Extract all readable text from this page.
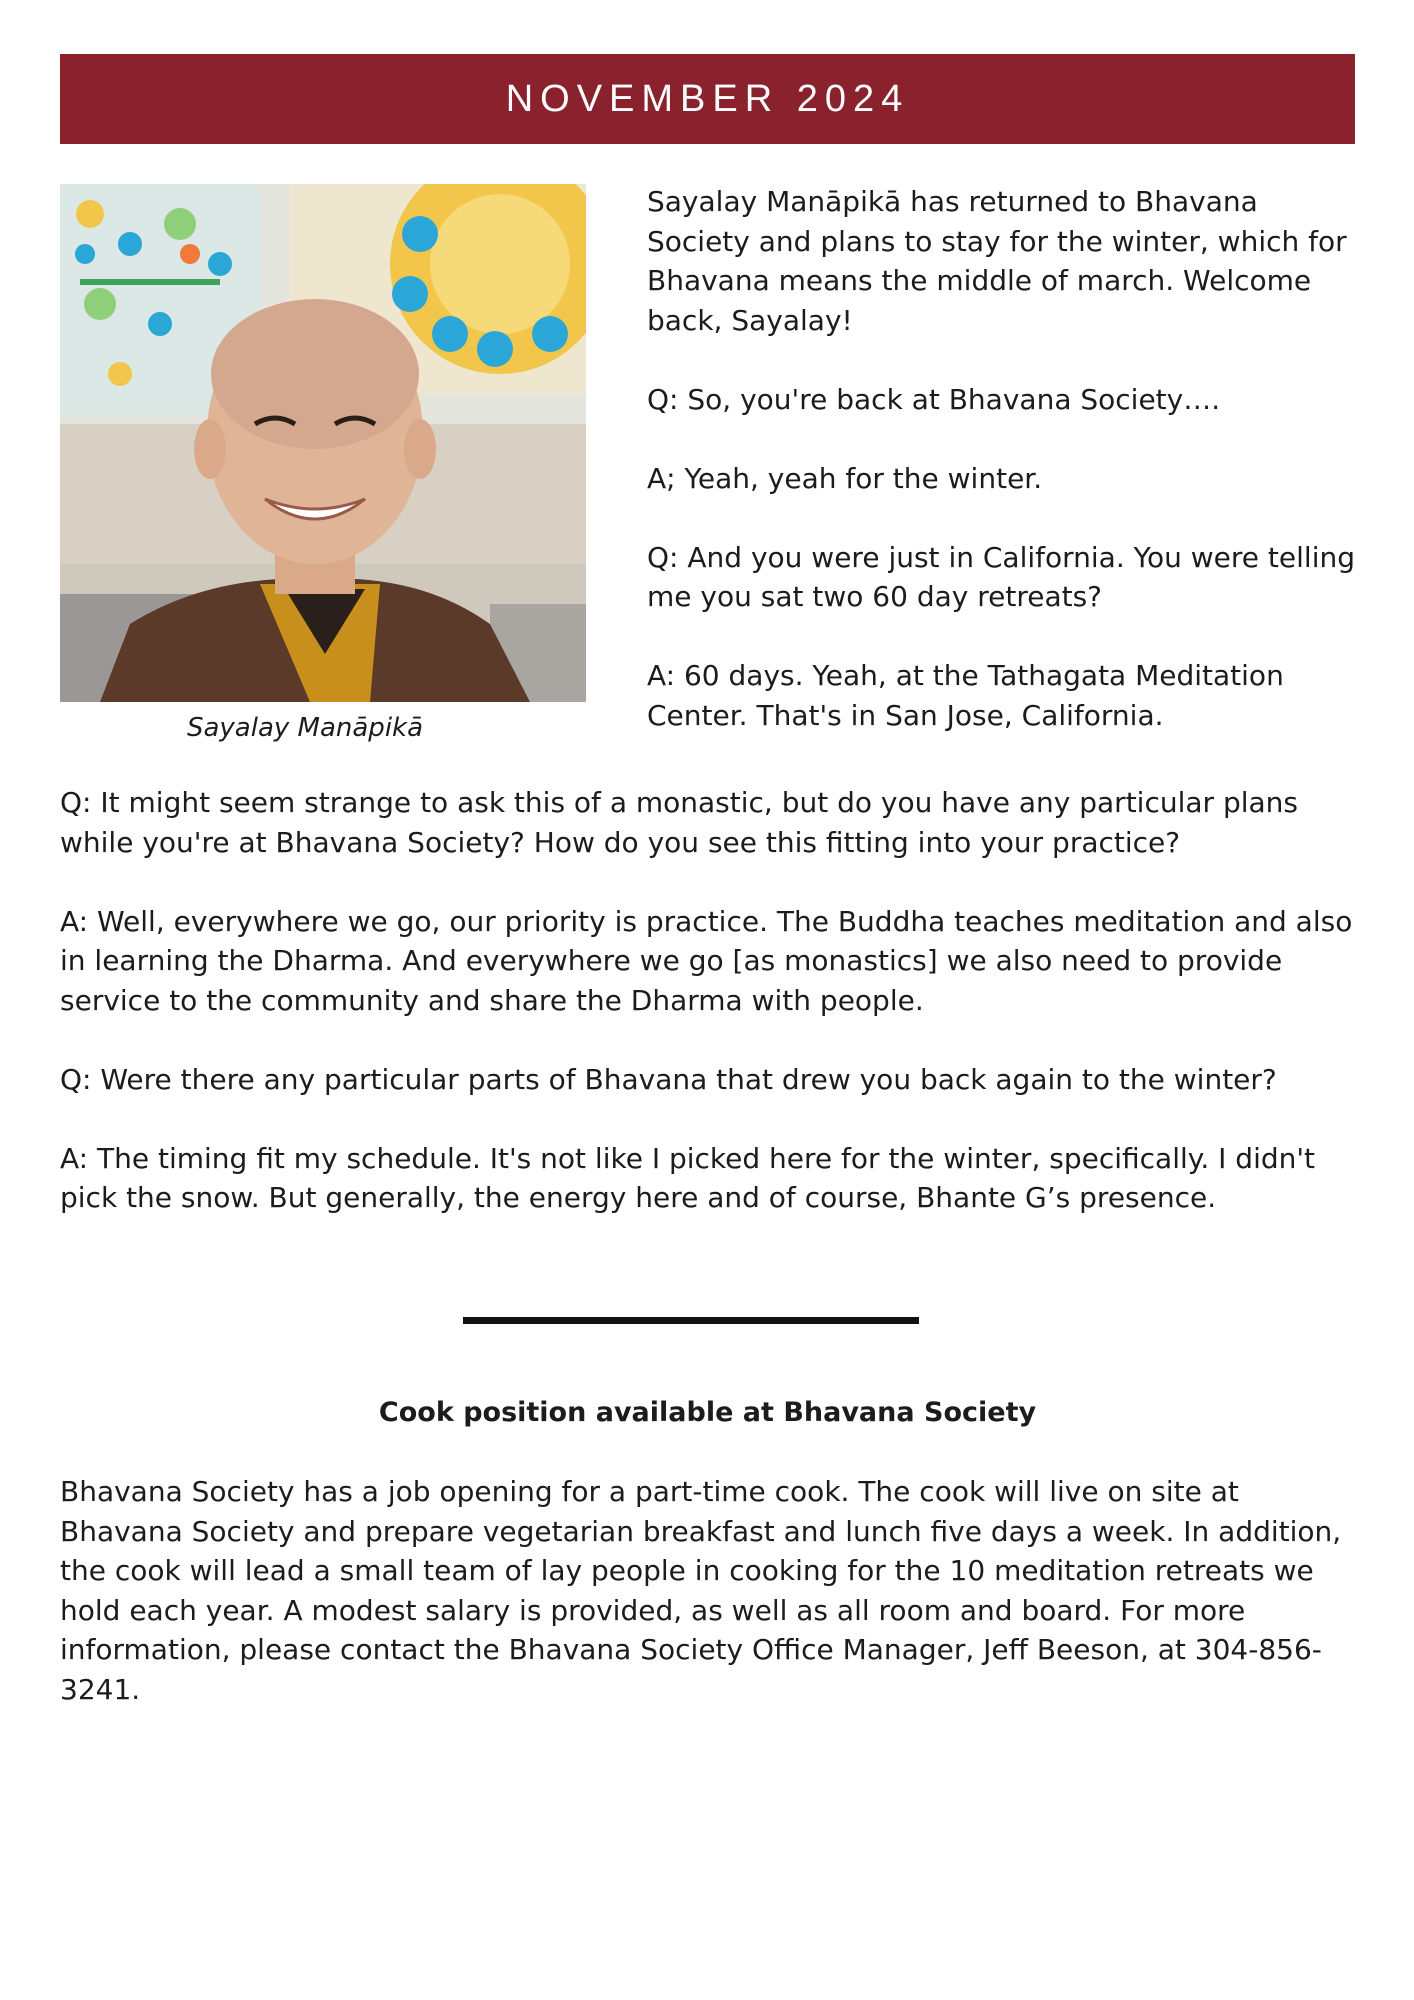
NOVEMBER 2024
Sayalay Manāpikā

Sayalay Manāpikā has returned to Bhavana Society and plans to stay for the winter, which for Bhavana means the middle of march. Welcome back, Sayalay!

Q: So, you're back at Bhavana Society….

A; Yeah, yeah for the winter.

Q: And you were just in California. You were telling me you sat two 60 day retreats?

A: 60 days. Yeah, at the Tathagata Meditation Center. That's in San Jose, California.

Q: It might seem strange to ask this of a monastic, but do you have any particular plans while you're at Bhavana Society? How do you see this fitting into your practice?

A: Well, everywhere we go, our priority is practice. The Buddha teaches meditation and also in learning the Dharma. And everywhere we go [as monastics] we also need to provide service to the community and share the Dharma with people.

Q: Were there any particular parts of Bhavana that drew you back again to the winter?

A: The timing fit my schedule. It's not like I picked here for the winter, specifically. I didn't pick the snow. But generally, the energy here and of course, Bhante G’s presence.

Cook position available at Bhavana Society

Bhavana Society has a job opening for a part-time cook. The cook will live on site at Bhavana Society and prepare vegetarian breakfast and lunch five days a week. In addition, the cook will lead a small team of lay people in cooking for the 10 meditation retreats we hold each year. A modest salary is provided, as well as all room and board. For more information, please contact the Bhavana Society Office Manager, Jeff Beeson, at 304-856-3241.
